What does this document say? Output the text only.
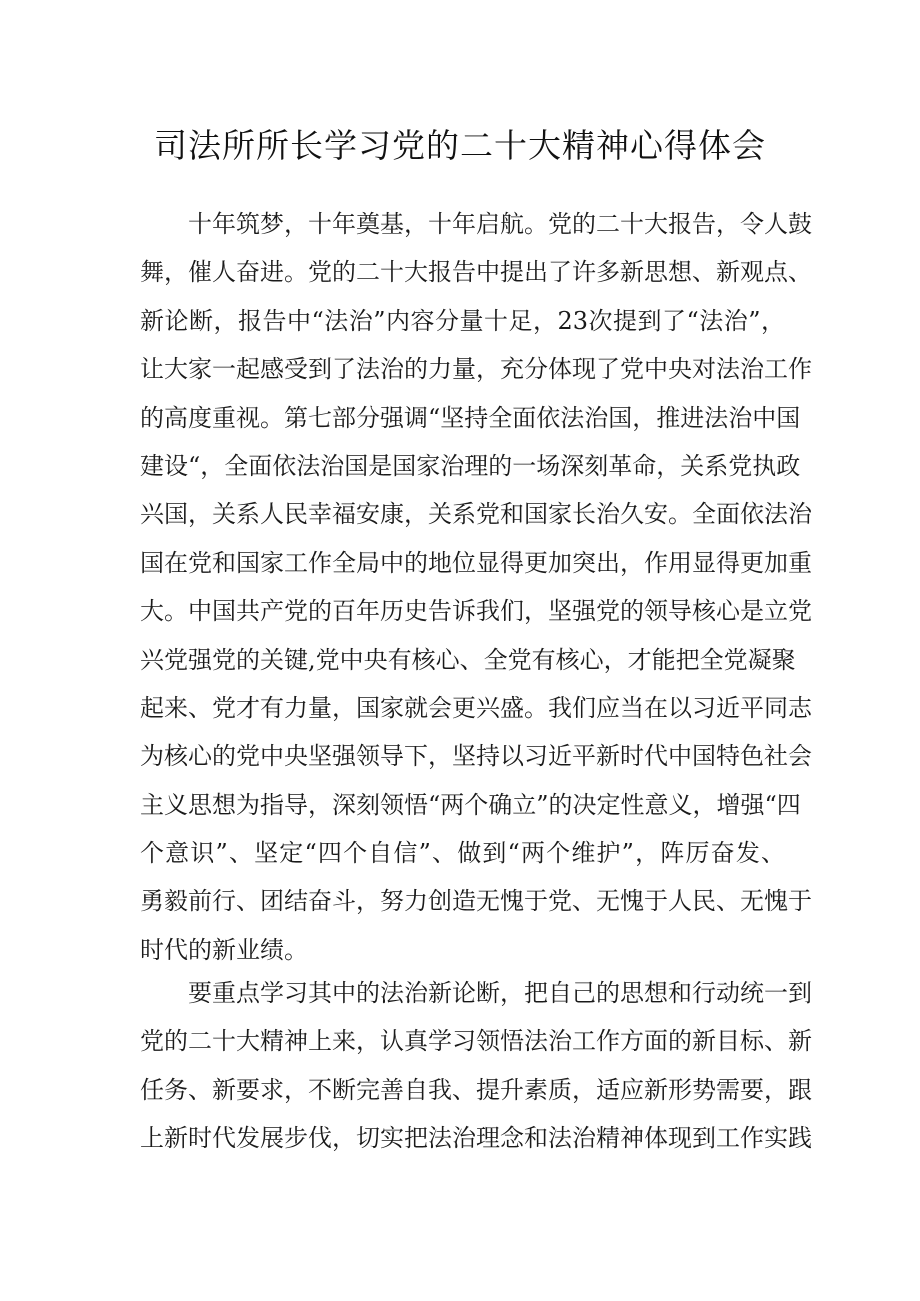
司法所所长学习党的二十大精神心得体会
十年筑梦，十年奠基，十年启航。党的二十大报告，令人鼓
舞，催人奋进。党的二十大报告中提出了许多新思想、新观点、
新论断，报告中“法治”内容分量十足，23次提到了“法治”，
让大家一起感受到了法治的力量，充分体现了党中央对法治工作
的高度重视。第七部分强调“坚持全面依法治国，推进法治中国
建设“，全面依法治国是国家治理的一场深刻革命，关系党执政
兴国，关系人民幸福安康，关系党和国家长治久安。全面依法治
国在党和国家工作全局中的地位显得更加突出，作用显得更加重
大。中国共产党的百年历史告诉我们，坚强党的领导核心是立党
兴党强党的关键,党中央有核心、全党有核心，才能把全党凝聚
起来、党才有力量，国家就会更兴盛。我们应当在以习近平同志
为核心的党中央坚强领导下，坚持以习近平新时代中国特色社会
主义思想为指导，深刻领悟“两个确立”的决定性意义，增强“四
个意识”、坚定“四个自信”、做到“两个维护”，阵厉奋发、
勇毅前行、团结奋斗，努力创造无愧于党、无愧于人民、无愧于
时代的新业绩。
要重点学习其中的法治新论断，把自己的思想和行动统一到
党的二十大精神上来，认真学习领悟法治工作方面的新目标、新
任务、新要求，不断完善自我、提升素质，适应新形势需要，跟
上新时代发展步伐，切实把法治理念和法治精神体现到工作实践
